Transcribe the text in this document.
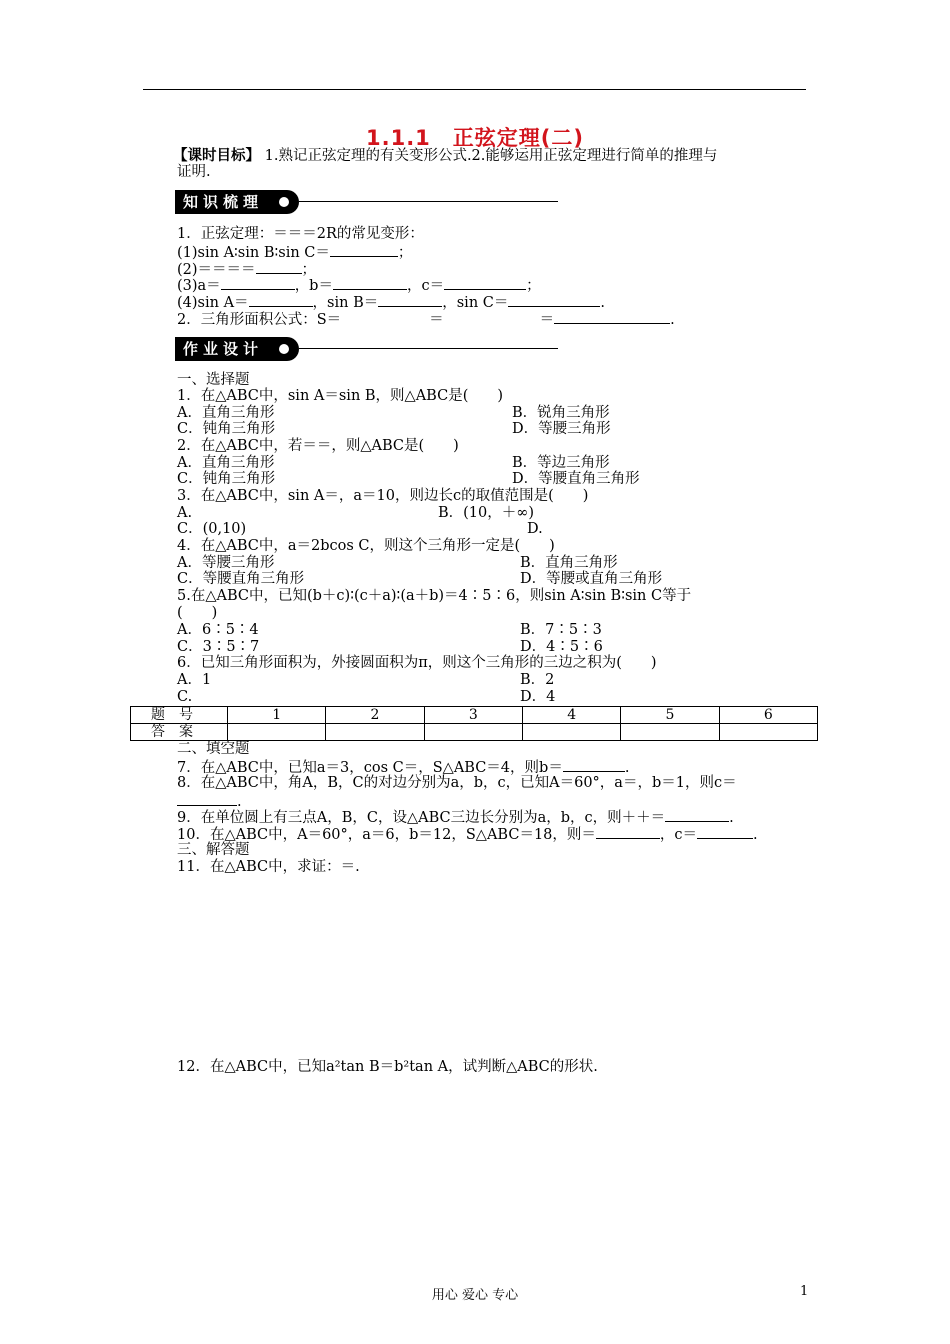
1.1.1　正弦定理(二)
【课时目标】 1.熟记正弦定理的有关变形公式.2.能够运用正弦定理进行简单的推理与
证明.
知识梳理
1．正弦定理：＝＝＝2R的常见变形：
(1)sin A∶sin B∶sin C＝	；
(2)＝＝＝＝	；
(3)a＝	，b＝	，c＝	；
(4)sin A＝	，sin B＝	，sin C＝	.
2．三角形面积公式：S＝	＝	＝	.
作业设计
一、选择题
1．在△ABC中，sin A＝sin B，则△ABC是(　　)
A．直角三角形	B．锐角三角形
C．钝角三角形	D．等腰三角形
2．在△ABC中，若＝＝，则△ABC是(　　)
A．直角三角形	B．等边三角形
C．钝角三角形	D．等腰直角三角形
3．在△ABC中，sin A＝，a＝10，则边长c的取值范围是(　　)
A.	B．(10，＋∞)
C．(0,10)	D.
4．在△ABC中，a＝2bcos C，则这个三角形一定是(　　)
A．等腰三角形	B．直角三角形
C．等腰直角三角形	D．等腰或直角三角形
5.在△ABC中，已知(b＋c)∶(c＋a)∶(a＋b)＝4∶5∶6，则sin A∶sin B∶sin C等于
(　　)
A．6∶5∶4	B．7∶5∶3
C．3∶5∶7	D．4∶5∶6
6．已知三角形面积为，外接圆面积为π，则这个三角形的三边之积为(　　)
A．1	B．2
C.	D．4
题号	1	2	3	4	5	6
答案						
二、填空题
7．在△ABC中，已知a＝3，cos C＝，S△ABC＝4，则b＝	.
8．在△ABC中，角A，B，C的对边分别为a，b，c，已知A＝60°，a＝，b＝1，则c＝
.
9．在单位圆上有三点A，B，C，设△ABC三边长分别为a，b，c，则＋＋＝	.
10．在△ABC中，A＝60°，a＝6，b＝12，S△ABC＝18，则＝	，c＝	.
三、解答题
11．在△ABC中，求证：＝.
12．在△ABC中，已知a²tan B＝b²tan A，试判断△ABC的形状.
用心 爱心 专心	1
